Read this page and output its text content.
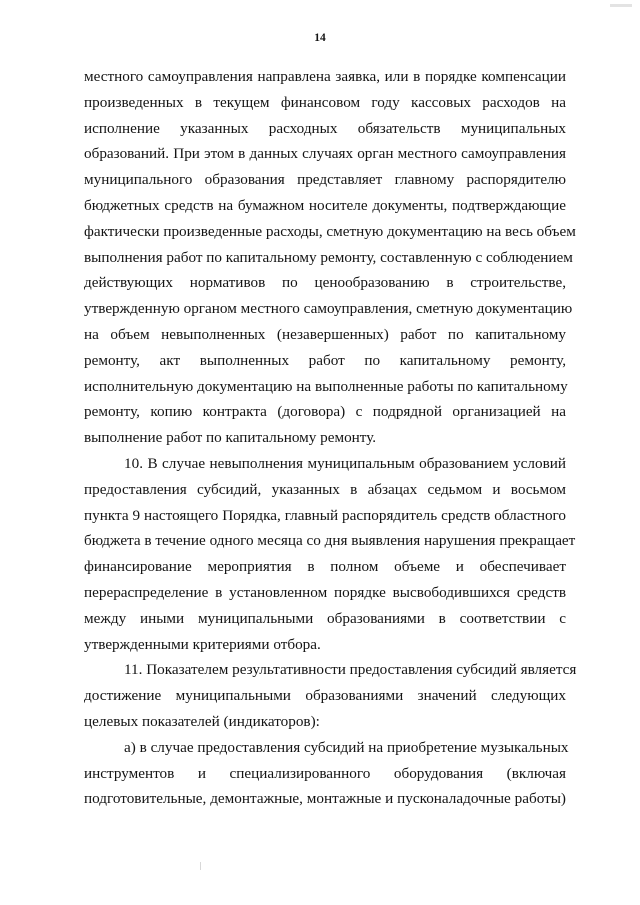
14
местного самоуправления направлена заявка, или в порядке компенсации
произведенных в текущем финансовом году кассовых расходов на
исполнение указанных расходных обязательств муниципальных
образований. При этом в данных случаях орган местного самоуправления
муниципального образования представляет главному распорядителю
бюджетных средств на бумажном носителе документы, подтверждающие
фактически произведенные расходы, сметную документацию на весь объем
выполнения работ по капитальному ремонту, составленную с соблюдением
действующих нормативов по ценообразованию в строительстве,
утвержденную органом местного самоуправления, сметную документацию
на объем невыполненных (незавершенных) работ по капитальному
ремонту, акт выполненных работ по капитальному ремонту,
исполнительную документацию на выполненные работы по капитальному
ремонту, копию контракта (договора) с подрядной организацией на
выполнение работ по капитальному ремонту.
10. В случае невыполнения муниципальным образованием условий
предоставления субсидий, указанных в абзацах седьмом и восьмом
пункта 9 настоящего Порядка, главный распорядитель средств областного
бюджета в течение одного месяца со дня выявления нарушения прекращает
финансирование мероприятия в полном объеме и обеспечивает
перераспределение в установленном порядке высвободившихся средств
между иными муниципальными образованиями в соответствии с
утвержденными критериями отбора.
11. Показателем результативности предоставления субсидий является
достижение муниципальными образованиями значений следующих
целевых показателей (индикаторов):
а) в случае предоставления субсидий на приобретение музыкальных
инструментов и специализированного оборудования (включая
подготовительные, демонтажные, монтажные и пусконаладочные работы)
